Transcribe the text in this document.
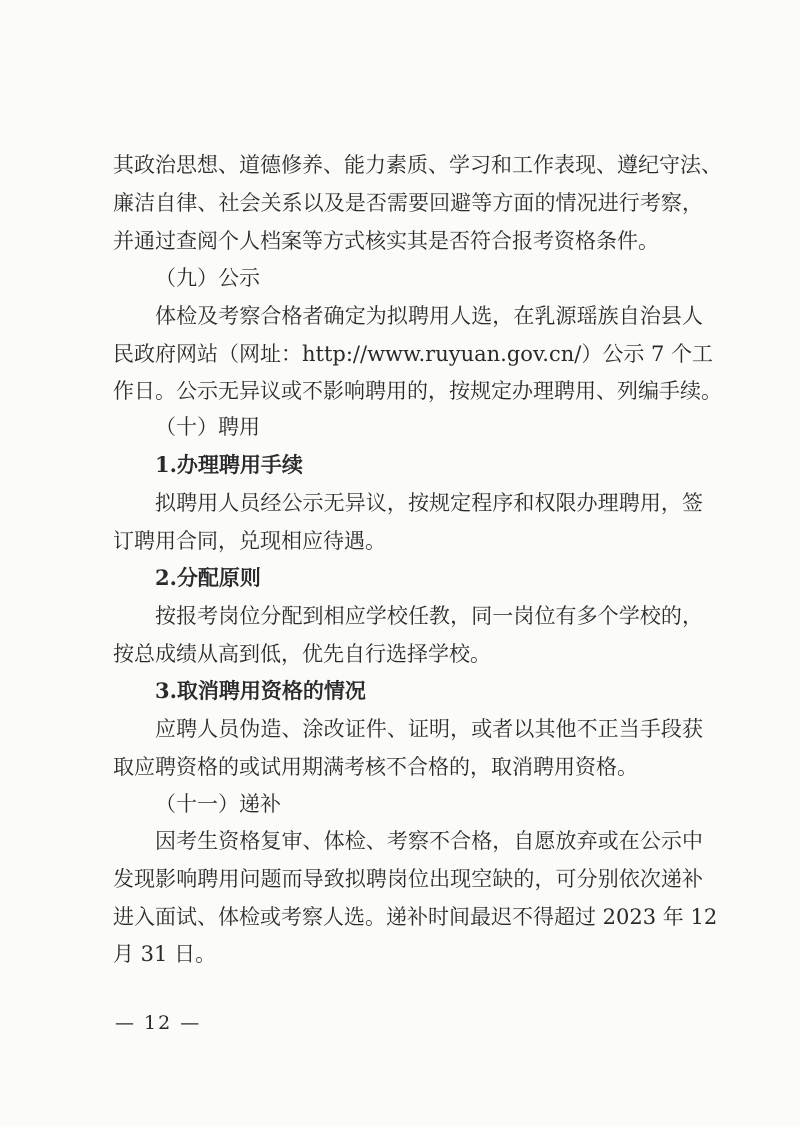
其政治思想、道德修养、能力素质、学习和工作表现、遵纪守法、
廉洁自律、社会关系以及是否需要回避等方面的情况进行考察，
并通过查阅个人档案等方式核实其是否符合报考资格条件。
（九）公示
体检及考察合格者确定为拟聘用人选，在乳源瑶族自治县人
民政府网站（网址：http://www.ruyuan.gov.cn/）公示 7 个工
作日。公示无异议或不影响聘用的，按规定办理聘用、列编手续。
（十）聘用
1.办理聘用手续
拟聘用人员经公示无异议，按规定程序和权限办理聘用，签
订聘用合同，兑现相应待遇。
2.分配原则
按报考岗位分配到相应学校任教，同一岗位有多个学校的，
按总成绩从高到低，优先自行选择学校。
3.取消聘用资格的情况
应聘人员伪造、涂改证件、证明，或者以其他不正当手段获
取应聘资格的或试用期满考核不合格的，取消聘用资格。
（十一）递补
因考生资格复审、体检、考察不合格，自愿放弃或在公示中
发现影响聘用问题而导致拟聘岗位出现空缺的，可分别依次递补
进入面试、体检或考察人选。递补时间最迟不得超过 2023 年 12
月 31 日。
— 12 —
